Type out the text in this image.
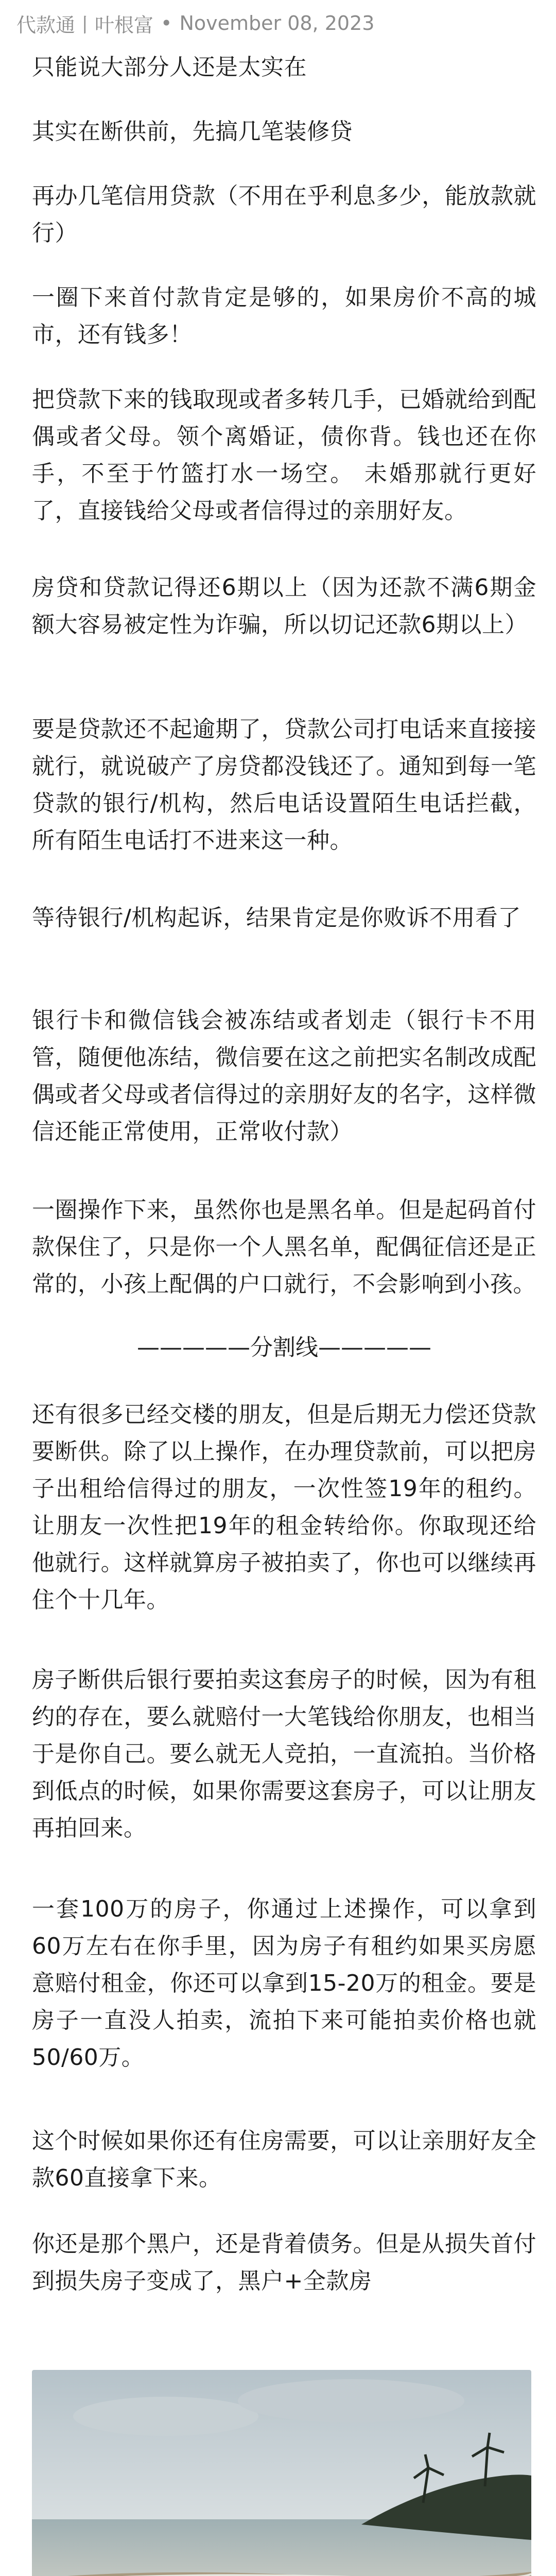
代款通丨叶根富 • November 08, 2023

只能说大部分人还是太实在

其实在断供前，先搞几笔装修贷

再办几笔信用贷款（不用在乎利息多少，能放款就行）

一圈下来首付款肯定是够的，如果房价不高的城市，还有钱多！

把贷款下来的钱取现或者多转几手，已婚就给到配偶或者父母。领个离婚证，债你背。钱也还在你手，不至于竹篮打水一场空。 未婚那就行更好了，直接钱给父母或者信得过的亲朋好友。

房贷和贷款记得还6期以上（因为还款不满6期金额大容易被定性为诈骗，所以切记还款6期以上）

要是贷款还不起逾期了，贷款公司打电话来直接接就行，就说破产了房贷都没钱还了。通知到每一笔贷款的银行/机构，然后电话设置陌生电话拦截，所有陌生电话打不进来这一种。

等待银行/机构起诉，结果肯定是你败诉不用看了

银行卡和微信钱会被冻结或者划走（银行卡不用管，随便他冻结，微信要在这之前把实名制改成配偶或者父母或者信得过的亲朋好友的名字，这样微信还能正常使用，正常收付款）

一圈操作下来，虽然你也是黑名单。但是起码首付款保住了，只是你一个人黑名单，配偶征信还是正常的，小孩上配偶的户口就行，不会影响到小孩。

—————分割线—————

还有很多已经交楼的朋友，但是后期无力偿还贷款要断供。除了以上操作，在办理贷款前，可以把房子出租给信得过的朋友，一次性签19年的租约。让朋友一次性把19年的租金转给你。你取现还给他就行。这样就算房子被拍卖了，你也可以继续再住个十几年。

房子断供后银行要拍卖这套房子的时候，因为有租约的存在，要么就赔付一大笔钱给你朋友，也相当于是你自己。要么就无人竞拍，一直流拍。当价格到低点的时候，如果你需要这套房子，可以让朋友再拍回来。

一套100万的房子，你通过上述操作，可以拿到60万左右在你手里，因为房子有租约如果买房愿意赔付租金，你还可以拿到15-20万的租金。要是房子一直没人拍卖，流拍下来可能拍卖价格也就50/60万。

这个时候如果你还有住房需要，可以让亲朋好友全款60直接拿下来。

你还是那个黑户，还是背着债务。但是从损失首付到损失房子变成了，黑户+全款房
